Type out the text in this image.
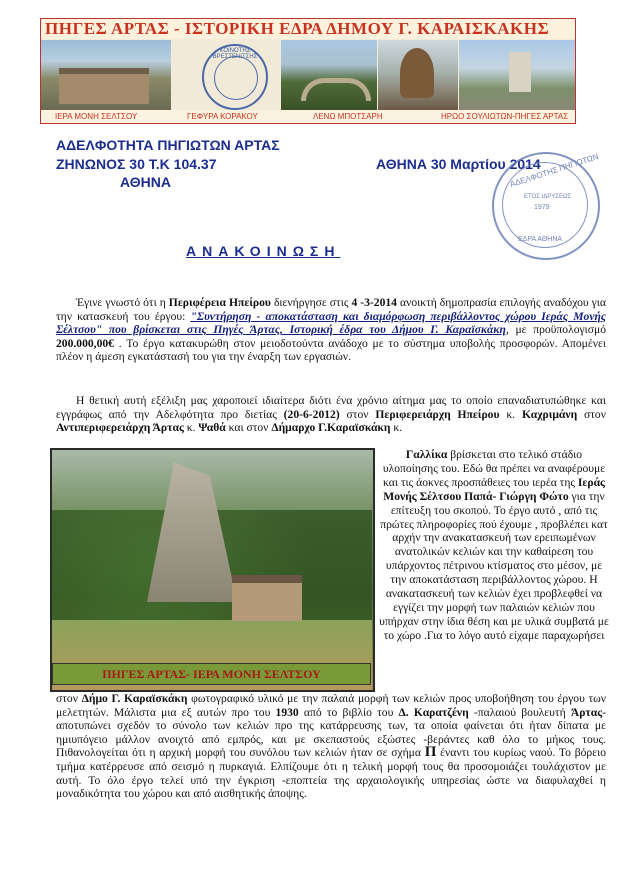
ΠΗΓΕΣ ΑΡΤΑΣ - ΙΣΤΟΡΙΚΗ ΕΔΡΑ ΔΗΜΟΥ Γ. ΚΑΡΑΙΣΚΑΚΗΣ
ΚΟΙΝΟΤΗΣ ΒΡΕΣΤΕΝΙΤΣΗΣ
ΙΕΡΑ ΜΟΝΗ ΣΕΛΤΣΟΥ	ΓΕΦΥΡΑ ΚΟΡΑΚΟΥ	ΛΕΝΩ ΜΠΟΤΣΑΡΗ	ΗΡΩΟ ΣΟΥΛΙΩΤΩΝ-ΠΗΓΕΣ ΑΡΤΑΣ
ΑΔΕΛΦΟΤΗΤΑ ΠΗΓΙΩΤΩΝ ΑΡΤΑΣ
ΖΗΝΩΝΟΣ 30 Τ.Κ 104.37
ΑΘΗΝΑ
ΑΘΗΝΑ 30 Μαρτίου 2014
ΑΔΕΛΦΟΤΗΣ ΠΗΓΙΩΤΩΝ
ΕΤΟΣ ΙΔΡΥΣΕΩΣ
1979
ΕΔΡΑ ΑΘΗΝΑ
ΑΝΑΚΟΙΝΩΣΗ
Έγινε γνωστό ότι η Περιφέρεια Ηπείρου διενήργησε στις 4 -3-2014 ανοικτή δημοπρασία επιλογής αναδόχου για την κατασκευή του έργου: "Συντήρηση - αποκατάσταση και διαμόρφωση περιβάλλοντος χώρου Ιεράς Μονής Σέλτσου" που βρίσκεται στις Πηγές Άρτας, Ιστορική έδρα του Δήμου Γ. Καραϊσκάκη, με προϋπολογισμό 200.000,00€ . Το έργο κατακυρώθη στον μειοδοτούντα ανάδοχο με το σύστημα υποβολής προσφορών. Απομένει πλέον η άμεση εγκατάστασή του για την έναρξη των εργασιών.
Η θετική αυτή εξέλιξη μας χαροποιεί ιδιαίτερα διότι ένα χρόνιο αίτημα μας το οποίο επαναδιατυπώθηκε και εγγράφως από την Αδελφότητα προ διετίας (20-6-2012) στον Περιφερειάρχη Ηπείρου κ. Καχριμάνη στον Αντιπεριφερειάρχη Άρτας κ. Ψαθά και στον Δήμαρχο Γ.Καραϊσκάκη κ.
ΠΗΓΕΣ ΑΡΤΑΣ- ΙΕΡΑ ΜΟΝΗ ΣΕΛΤΣΟΥ
Γαλλίκα βρίσκεται στο τελικό στάδιο υλοποίησης του. Εδώ θα πρέπει να αναφέρουμε και τις άοκνες προσπάθειες του ιερέα της Ιεράς Μονής Σέλτσου Παπά- Γιώργη Φώτο για την επίτευξη του σκοπού. Το έργο αυτό , από τις πρώτες πληροφορίες πού έχουμε , προβλέπει κατ αρχήν την ανακατασκευή των ερειπωμένων ανατολικών κελιών και την καθαίρεση του υπάρχοντος πέτρινου κτίσματος στο μέσον, με την αποκατάσταση περιβάλλοντος χώρου. Η ανακατασκευή των κελιών έχει προβλεφθεί να εγγίζει την μορφή των παλαιών κελιών που υπήρχαν στην ίδια θέση και με υλικά συμβατά με το χώρο .Για το λόγο αυτό είχαμε παραχωρήσει
στον Δήμο Γ. Καραϊσκάκη φωτογραφικό υλικό με την παλαιά μορφή των κελιών προς υποβοήθηση του έργου των μελετητών. Μάλιστα μια εξ αυτών προ του 1930 από το βιβλίο του Δ. Καρατζένη -παλαιού βουλευτή Άρτας- αποτυπώνει σχεδόν το σύνολο των κελιών προ της κατάρρευσης των, τα οποία φαίνεται ότι ήταν δίπατα με ημιυπόγειο μάλλον ανοιχτό από εμπρός, και με σκεπαστούς εξώστες -βεράντες καθ όλο το μήκος τους. Πιθανολογείται ότι η αρχική μορφή του συνόλου των κελιών ήταν σε σχήμα Π έναντι του κυρίως ναού. Το βόρειο τμήμα κατέρρευσε από σεισμό η πυρκαγιά. Ελπίζουμε ότι η τελική μορφή τους θα προσομοιάζει τουλάχιστον με αυτή. Το όλο έργο τελεί υπό την έγκριση -εποπτεία της αρχαιολογικής υπηρεσίας ώστε να διαφυλαχθεί η μοναδικότητα του χώρου και από αισθητικής άποψης.
